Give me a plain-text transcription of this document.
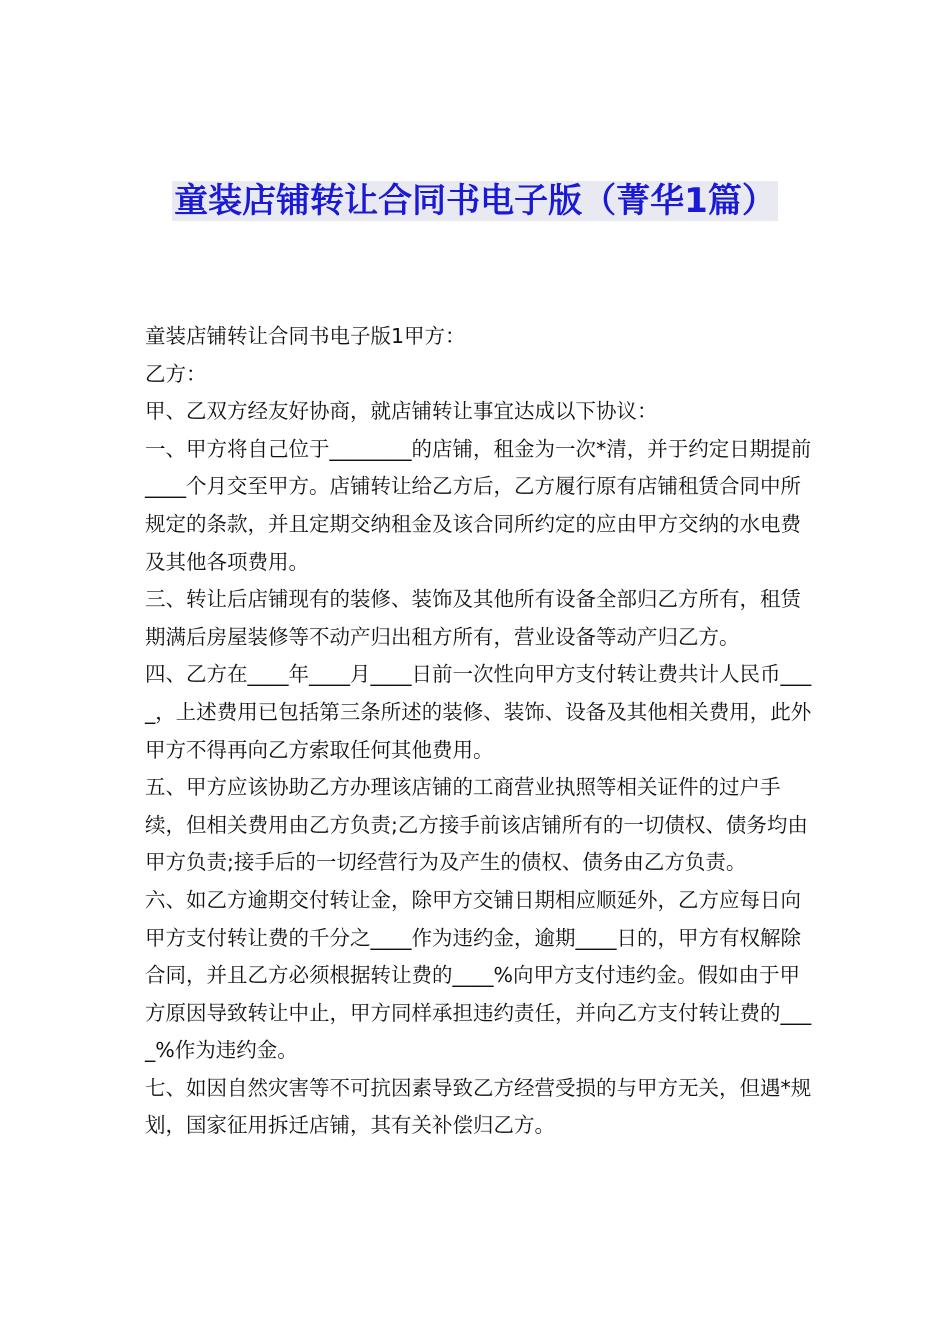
童装店铺转让合同书电子版（菁华1篇）

童装店铺转让合同书电子版1甲方：

乙方：

甲、乙双方经友好协商，就店铺转让事宜达成以下协议：

一、甲方将自己位于________的店铺，租金为一次*清，并于约定日期提前____个月交至甲方。店铺转让给乙方后，乙方履行原有店铺租赁合同中所规定的条款，并且定期交纳租金及该合同所约定的应由甲方交纳的水电费及其他各项费用。

三、转让后店铺现有的装修、装饰及其他所有设备全部归乙方所有，租赁期满后房屋装修等不动产归出租方所有，营业设备等动产归乙方。

四、乙方在____年____月____日前一次性向甲方支付转让费共计人民币____，上述费用已包括第三条所述的装修、装饰、设备及其他相关费用，此外甲方不得再向乙方索取任何其他费用。

五、甲方应该协助乙方办理该店铺的工商营业执照等相关证件的过户手续，但相关费用由乙方负责;乙方接手前该店铺所有的一切债权、债务均由甲方负责;接手后的一切经营行为及产生的债权、债务由乙方负责。

六、如乙方逾期交付转让金，除甲方交铺日期相应顺延外，乙方应每日向甲方支付转让费的千分之____作为违约金，逾期____日的，甲方有权解除合同，并且乙方必须根据转让费的____%向甲方支付违约金。假如由于甲方原因导致转让中止，甲方同样承担违约责任，并向乙方支付转让费的____%作为违约金。

七、如因自然灾害等不可抗因素导致乙方经营受损的与甲方无关，但遇*规划，国家征用拆迁店铺，其有关补偿归乙方。
